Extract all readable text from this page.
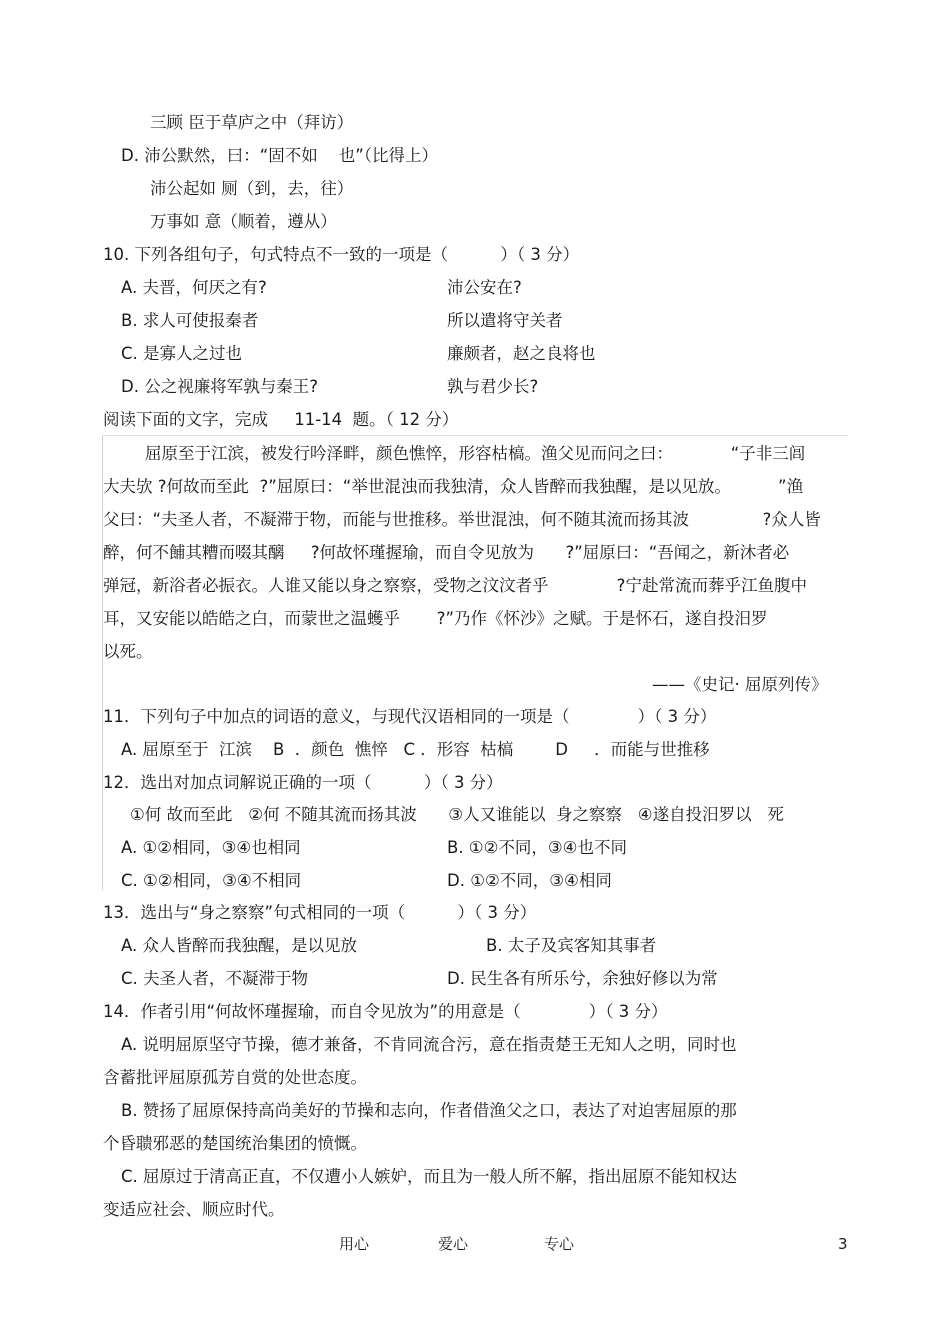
三顾 臣于草庐之中（拜访）
D. 沛公默然，曰：“固不如    也”（比得上）
沛公起如 厕（到，去，往）
万事如 意（顺着，遵从）
10. 下列各组句子，句式特点不一致的一项是（          ）（ 3 分）
A. 夫晋，何厌之有?	沛公安在?
B. 求人可使报秦者	所以遣将守关者
C. 是寡人之过也	廉颇者，赵之良将也
D. 公之视廉将军孰与秦王?	孰与君少长?
阅读下面的文字，完成     11-14  题。（ 12 分）
屈原至于江滨，被发行吟泽畔，颜色憔悴，形容枯槁。渔父见而问之曰：           “子非三闾
大夫欤 ?何故而至此  ?”屈原曰：“举世混浊而我独清，众人皆醉而我独醒，是以见放。         ”渔
父曰：“夫圣人者，不凝滞于物，而能与世推移。举世混浊，何不随其流而扬其波              ?众人皆
醉，何不餔其糟而啜其醨     ?何故怀瑾握瑜，而自令见放为      ?”屈原曰：“吾闻之，新沐者必
弹冠，新浴者必振衣。人谁又能以身之察察，受物之汶汶者乎             ?宁赴常流而葬乎江鱼腹中
耳，又安能以皓皓之白，而蒙世之温蠖乎       ?”乃作《怀沙》之赋。于是怀石，遂自投汨罗
以死。
——《史记· 屈原列传》
11．下列句子中加点的词语的意义，与现代汉语相同的一项是（             ）（ 3 分）
A. 屈原至于  江滨    B  ．颜色  憔悴   C ．形容  枯槁        D     ．而能与世推移
12．选出对加点词解说正确的一项（          ）（ 3 分）
①何 故而至此   ②何 不随其流而扬其波      ③人又谁能以  身之察察   ④遂自投汨罗以   死
A. ①②相同，③④也相同	B. ①②不同，③④也不同
C. ①②相同，③④不相同	D. ①②不同，③④相同
13．选出与“身之察察”句式相同的一项（          ）（ 3 分）
A. 众人皆醉而我独醒，是以见放	B. 太子及宾客知其事者
C. 夫圣人者，不凝滞于物	D. 民生各有所乐兮，余独好修以为常
14．作者引用“何故怀瑾握瑜，而自令见放为”的用意是（             ）（ 3 分）
A. 说明屈原坚守节操，德才兼备，不肯同流合污，意在指责楚王无知人之明，同时也
含蓄批评屈原孤芳自赏的处世态度。
B. 赞扬了屈原保持高尚美好的节操和志向，作者借渔父之口，表达了对迫害屈原的那
个昏聩邪恶的楚国统治集团的愤慨。
C. 屈原过于清高正直，不仅遭小人嫉妒，而且为一般人所不解，指出屈原不能知权达
变适应社会、顺应时代。
用心	爱心	专心	3
